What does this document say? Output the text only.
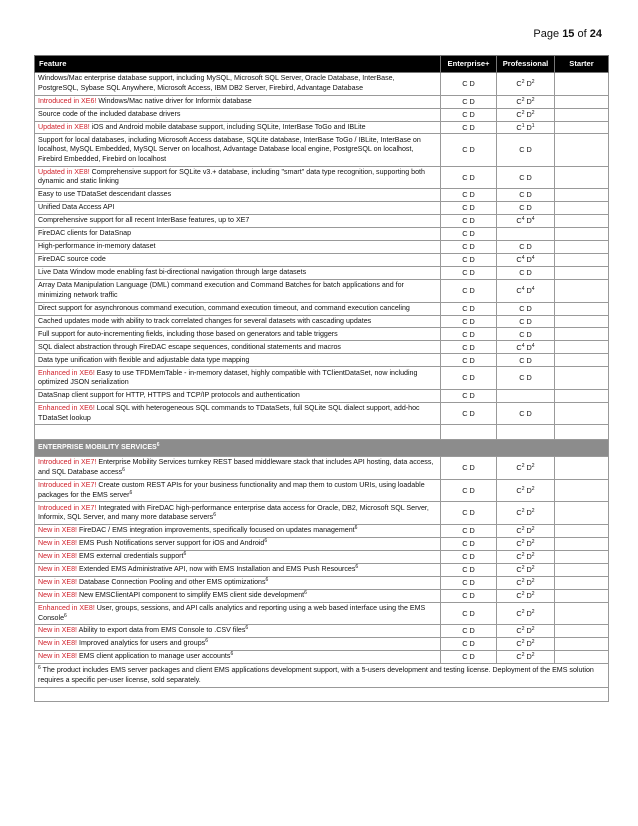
Page 15 of 24
Feature	Enterprise+	Professional	Starter
Windows/Mac enterprise database support, including MySQL, Microsoft SQL Server, Oracle Database, InterBase, PostgreSQL, Sybase SQL Anywhere, Microsoft Access, IBM DB2 Server, Firebird, Advantage Database	C D	$C^2$ $D^2$	
Introduced in XE6! Windows/Mac native driver for Informix database	C D	$C^2$ $D^2$	
Source code of the included database drivers	C D	$C^2$ $D^2$	
Updated in XE8! iOS and Android mobile database support, including SQLite, InterBase ToGo and IBLite	C D	$C^1$ $D^1$	
Support for local databases, including Microsoft Access database, SQLite database, InterBase ToGo / IBLite, InterBase on localhost, MySQL Embedded, MySQL Server on localhost, Advantage Database local engine, PostgreSQL on localhost, Firebird Embedded, Firebird on localhost	C D	C D	
Updated in XE8! Comprehensive support for SQLite v3.+ database, including "smart" data type recognition, supporting both dynamic and static linking	C D	C D	
Easy to use TDataSet descendant classes	C D	C D	
Unified Data Access API	C D	C D	
Comprehensive support for all recent InterBase features, up to XE7	C D	$C^4$ $D^4$	
FireDAC clients for DataSnap	C D		
High-performance in-memory dataset	C D	C D	
FireDAC source code	C D	$C^4$ $D^4$	
Live Data Window mode enabling fast bi-directional navigation through large datasets	C D	C D	
Array Data Manipulation Language (DML) command execution and Command Batches for batch applications and for minimizing network traffic	C D	$C^4$ $D^4$	
Direct support for asynchronous command execution, command execution timeout, and command execution canceling	C D	C D	
Cached updates mode with ability to track correlated changes for several datasets with cascading updates	C D	C D	
Full support for auto-incrementing fields, including those based on generators and table triggers	C D	C D	
SQL dialect abstraction through FireDAC escape sequences, conditional statements and macros	C D	$C^4$ $D^4$	
Data type unification with flexible and adjustable data type mapping	C D	C D	
Enhanced in XE6! Easy to use TFDMemTable - in-memory dataset, highly compatible with TClientDataSet, now including optimized JSON serialization	C D	C D	
DataSnap client support for HTTP, HTTPS and TCP/IP protocols and authentication	C D		
Enhanced in XE6! Local SQL with heterogeneous SQL commands to TDataSets, full SQLite SQL dialect support, add-hoc TDataSet lookup	C D	C D	

ENTERPRISE MOBILITY SERVICES$^6$
Introduced in XE7! Enterprise Mobility Services turnkey REST based middleware stack that includes API hosting, data access, and SQL Database access$^6$	C D	$C^2$ $D^2$	
Introduced in XE7! Create custom REST APIs for your business functionality and map them to custom URIs, using loadable packages for the EMS server$^6$	C D	$C^2$ $D^2$	
Introduced in XE7! Integrated with FireDAC high-performance enterprise data access for Oracle, DB2, Microsoft SQL Server, Informix, SQL Server, and many more database servers$^6$	C D	$C^2$ $D^2$	
New in XE8! FireDAC / EMS integration improvements, specifically focused on updates management$^6$	C D	$C^2$ $D^2$	
New in XE8! EMS Push Notifications server support for iOS and Android$^6$	C D	$C^2$ $D^2$	
New in XE8! EMS external credentials support$^6$	C D	$C^2$ $D^2$	
New in XE8! Extended EMS Administrative API, now with EMS Installation and EMS Push Resources$^6$	C D	$C^2$ $D^2$	
New in XE8! Database Connection Pooling and other EMS optimizations$^6$	C D	$C^2$ $D^2$	
New in XE8! New EMSClientAPI component to simplify EMS client side development$^6$	C D	$C^2$ $D^2$	
Enhanced in XE8! User, groups, sessions, and API calls analytics and reporting using a web based interface using the EMS Console$^6$	C D	$C^2$ $D^2$	
New in XE8! Ability to export data from EMS Console to .CSV files$^6$	C D	$C^2$ $D^2$	
New in XE8! Improved analytics for users and groups$^6$	C D	$C^2$ $D^2$	
New in XE8! EMS client application to manage user accounts$^6$	C D	$C^2$ $D^2$	
$^6$ The product includes EMS server packages and client EMS applications development support, with a 5-users development and testing license. Deployment of the EMS solution requires a specific per-user license, sold separately.			
